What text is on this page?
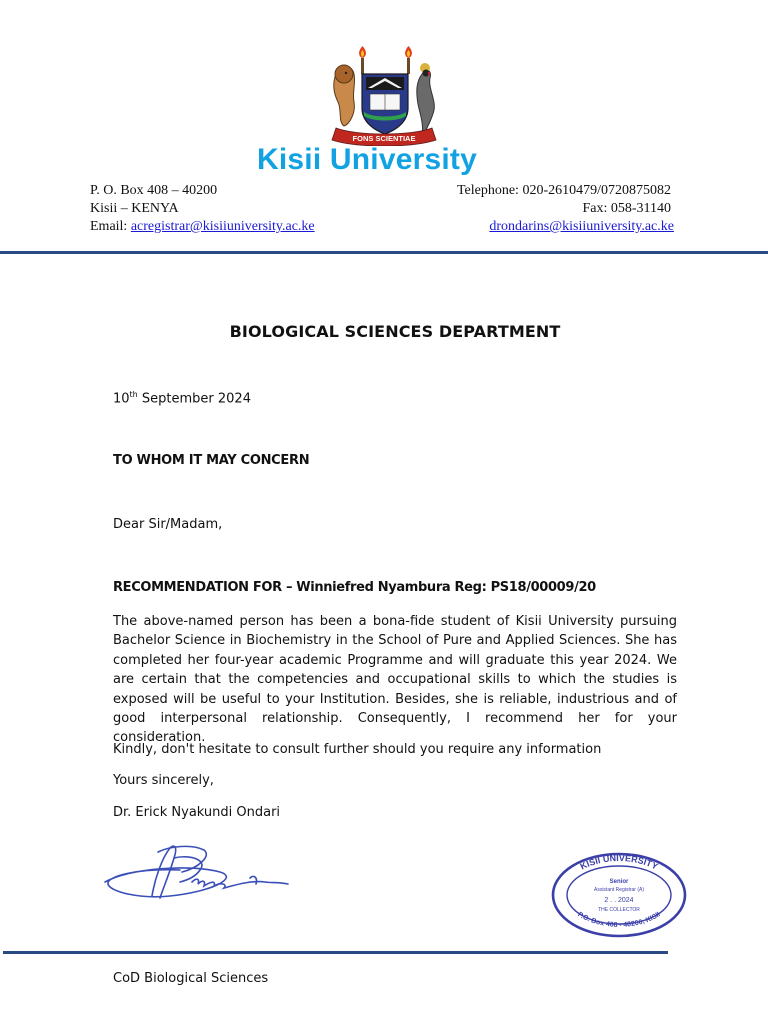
FONS SCIENTIAE
Kisii University
P. O. Box 408 – 40200
Kisii – KENYA
Email: acregistrar@kisiiuniversity.ac.ke
Telephone: 020-2610479/0720875082
Fax: 058-31140
drondarins@kisiiuniversity.ac.ke
BIOLOGICAL SCIENCES DEPARTMENT
10th September 2024
TO WHOM IT MAY CONCERN
Dear Sir/Madam,
RECOMMENDATION FOR – Winniefred Nyambura Reg: PS18/00009/20
The above-named person has been a bona-fide student of Kisii University pursuing Bachelor Science in Biochemistry in the School of Pure and Applied Sciences. She has completed her four-year academic Programme and will graduate this year 2024. We are certain that the competencies and occupational skills to which the studies is exposed will be useful to your Institution. Besides, she is reliable, industrious and of good interpersonal relationship. Consequently, I recommend her for your consideration.
Kindly, don't hesitate to consult further should you require any information
Yours sincerely,
Dr. Erick Nyakundi Ondari
KISII UNIVERSITY
Senior
Assistant Registrar (A)
2 . . 2024
THE COLLECTOR
P.O. Box 408 - 40200, KISII
CoD Biological Sciences
